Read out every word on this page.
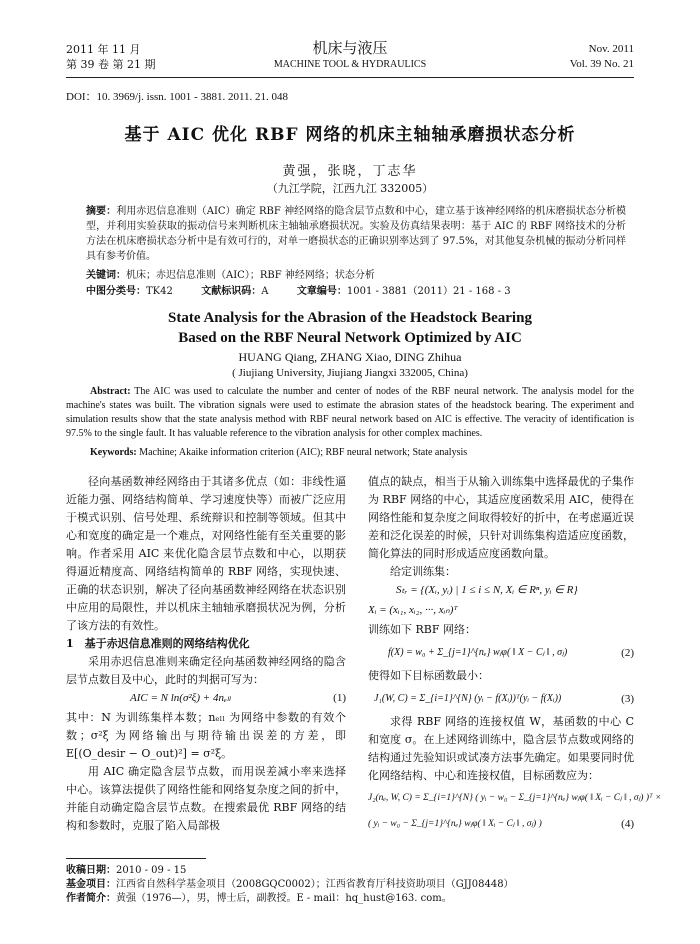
2011 年 11 月
第 39 卷 第 21 期
机床与液压
MACHINE TOOL & HYDRAULICS
Nov. 2011
Vol. 39 No. 21
DOI：10. 3969/j. issn. 1001 - 3881. 2011. 21. 048
基于 AIC 优化 RBF 网络的机床主轴轴承磨损状态分析
黄强，张晓，丁志华
（九江学院，江西九江 332005）
摘要：利用赤迟信息准则（AIC）确定 RBF 神经网络的隐含层节点数和中心，建立基于该神经网络的机床磨损状态分析模型，并利用实验获取的振动信号来判断机床主轴轴承磨损状况。实验及仿真结果表明：基于 AIC 的 RBF 网络技术的分析方法在机床磨损状态分析中是有效可行的，对单一磨损状态的正确识别率达到了 97.5%，对其他复杂机械的振动分析同样具有参考价值。
关键词：机床；赤迟信息准则（AIC）；RBF 神经网络；状态分析
中图分类号：TK42	文献标识码：A	文章编号：1001 - 3881（2011）21 - 168 - 3
State Analysis for the Abrasion of the Headstock Bearing
Based on the RBF Neural Network Optimized by AIC
HUANG Qiang, ZHANG Xiao, DING Zhihua
( Jiujiang University, Jiujiang Jiangxi 332005, China)
Abstract: The AIC was used to calculate the number and center of nodes of the RBF neural network. The analysis model for the machine's states was built. The vibration signals were used to estimate the abrasion states of the headstock bearing. The experiment and simulation results show that the state analysis method with RBF neural network based on AIC is effective. The veracity of identification is 97.5% to the single fault. It has valuable reference to the vibration analysis for other complex machines.
Keywords: Machine; Akaike information criterion (AIC); RBF neural network; State analysis

径向基函数神经网络由于其诸多优点（如：非线性逼近能力强、网络结构简单、学习速度快等）而被广泛应用于模式识别、信号处理、系统辩识和控制等领域。但其中心和宽度的确定是一个难点，对网络性能有至关重要的影响。作者采用 AIC 来优化隐含层节点数和中心，以期获得逼近精度高、网络结构简单的 RBF 网络，实现快速、正确的状态识别，解决了径向基函数神经网络在状态识别中应用的局限性，并以机床主轴轴承磨损状况为例，分析了该方法的有效性。

1　基于赤迟信息准则的网络结构优化

采用赤迟信息准则来确定径向基函数神经网络的隐含层节点数目及中心，此时的判据可写为：

AIC = N ln(σ²ξ) + 4nₑₗₗ	(1)
其中：N 为训练集样本数；nₑₗₗ 为网络中参数的有效个数；σ²ξ 为网络输出与期待输出误差的方差，即 E[(O_desir − O_out)²] = σ²ξ。

用 AIC 确定隐含层节点数，而用误差减小率来选择中心。该算法提供了网络性能和网络复杂度之间的折中，并能自动确定隐含层节点数。在搜索最优 RBF 网络的结构和参数时，克服了陷入局部极

值点的缺点，相当于从输入训练集中选择最优的子集作为 RBF 网络的中心，其适应度函数采用 AIC，使得在网络性能和复杂度之间取得较好的折中，在考虑逼近误差和泛化误差的时候，只针对训练集构造适应度函数，简化算法的同时形成适应度函数向量。

给定训练集：

Sₜᵣ = {(Xᵢ, yᵢ) | 1 ≤ i ≤ N, Xᵢ ∈ Rⁿ, yᵢ ∈ R}
Xᵢ = (xᵢ₁, xᵢ₂, ···, xᵢₙ)ᵀ
训练如下 RBF 网络：
f(X) = w₀ + Σ_{j=1}^{nₑ} wⱼφ( ‖ X − Cⱼ ‖ , σⱼ)	(2)
使得如下目标函数最小：
J₁(W, C) = Σ_{i=1}^{N} (yᵢ − f(Xᵢ))ᵀ(yᵢ − f(Xᵢ))	(3)

求得 RBF 网络的连接权值 W，基函数的中心 C 和宽度 σ。在上述网络训练中，隐含层节点数或网络的结构通过先验知识或试凑方法事先确定。如果要同时优化网络结构、中心和连接权值，目标函数应为：

J₂(nₑ, W, C) = Σ_{i=1}^{N} ( yᵢ − w₀ − Σ_{j=1}^{nₑ} wⱼφ( ‖ Xᵢ − Cⱼ ‖ , σⱼ) )ᵀ ×
( yᵢ − w₀ − Σ_{j=1}^{nₑ} wⱼφ( ‖ Xᵢ − Cⱼ ‖ , σⱼ) )	(4)
收稿日期：2010 - 09 - 15
基金项目：江西省自然科学基金项目（2008GQC0002）；江西省教育厅科技资助项目（GJJ08448）
作者简介：黄强（1976—），男，博士后，副教授。E - mail：hq_hust@163. com。
